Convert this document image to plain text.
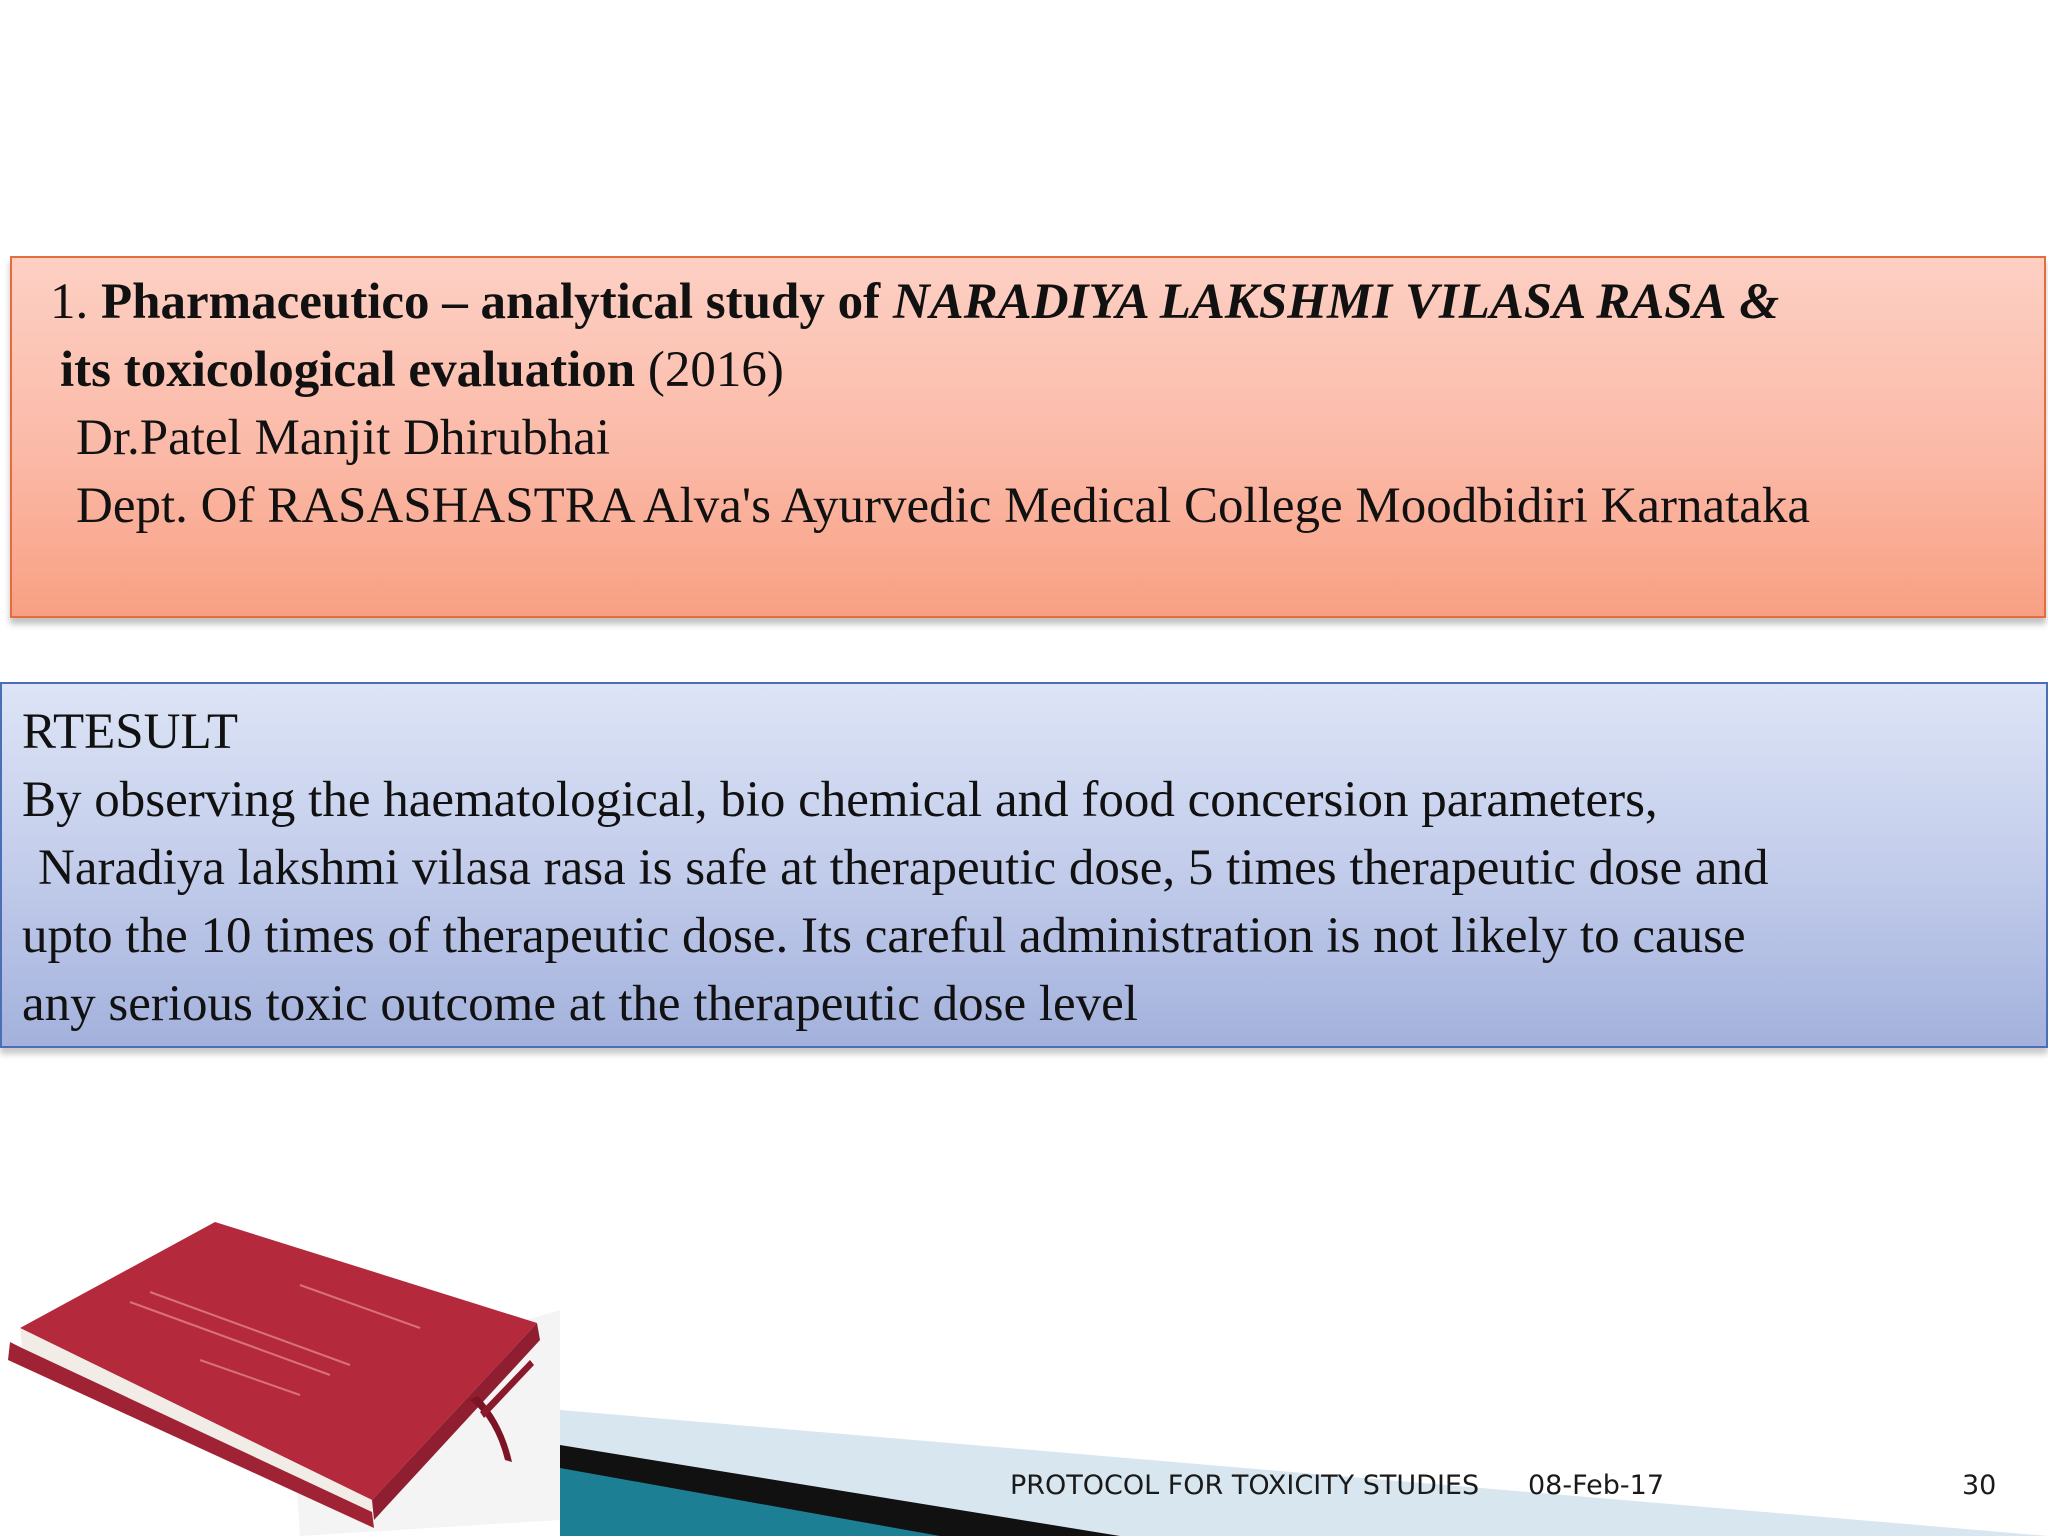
1. Pharmaceutico – analytical study of NARADIYA LAKSHMI VILASA RASA &
its toxicological evaluation (2016)
Dr.Patel Manjit Dhirubhai
Dept. Of RASASHASTRA Alva's Ayurvedic Medical College Moodbidiri Karnataka
RTESULT
By observing the haematological, bio chemical and food concersion parameters,
Naradiya lakshmi vilasa rasa is safe at therapeutic dose, 5 times therapeutic dose and
upto the 10 times of therapeutic dose. Its careful administration is not likely to cause
any serious toxic outcome at the therapeutic dose level
PROTOCOL FOR TOXICITY STUDIES 08-Feb-17	30
